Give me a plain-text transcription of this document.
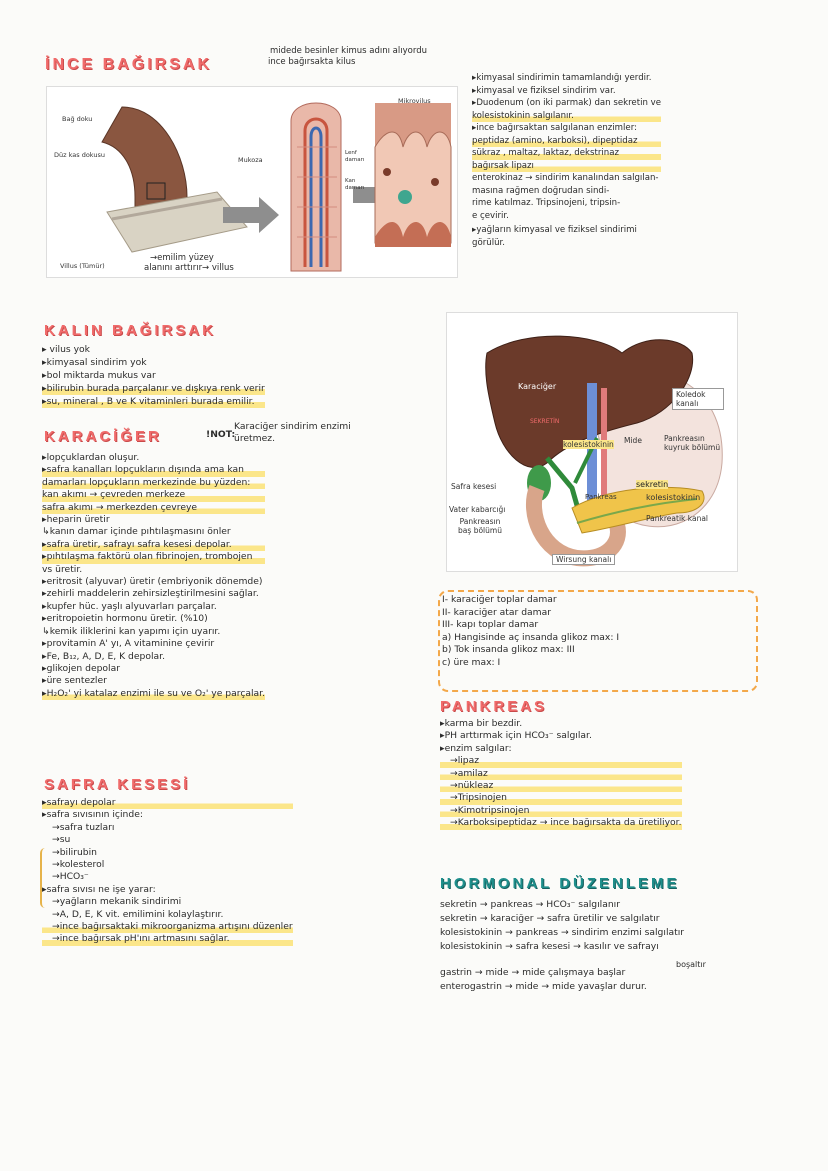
İNCE BAĞIRSAK
midede besinler kimus adını alıyordu
ince bağırsakta kilus
Bağ doku
Düz kas dokusu
Mukoza
Lenf damarı
Kan damarı
Mikrovilus
Villus (Tümür)
→emilim yüzey
alanını arttırır→ villus
▸kimyasal sindirimin tamamlandığı yerdir.
▸kimyasal ve fiziksel sindirim var.
▸Duodenum (on iki parmak) dan sekretin ve
kolesistokinin salgılanır.
▸ince bağırsaktan salgılanan enzimler:
peptidaz (amino, karboksi), dipeptidaz
sükraz , maltaz, laktaz, dekstrinaz
bağırsak lipazı
enterokinaz → sindirim kanalından salgılan-
masına rağmen doğrudan sindi-
rime katılmaz. Tripsinojeni, tripsin-
e çevirir.
▸yağların kimyasal ve fiziksel sindirimi
görülür.
KALIN BAĞIRSAK
▸ vilus yok
▸kimyasal sindirim yok
▸bol miktarda mukus var
▸bilirubin burada parçalanır ve dışkıya renk verir
▸su, mineral , B ve K vitaminleri burada emilir.
KARACİĞER	!NOT:
Karaciğer sindirim enzimi
üretmez.
▸lopçuklardan oluşur.
▸safra kanalları lopçukların dışında ama kan
damarları lopçukların merkezinde bu yüzden:
kan akımı → çevreden merkeze
safra akımı → merkezden çevreye
▸heparin üretir
↳kanın damar içinde pıhtılaşmasını önler
▸safra üretir, safrayı safra kesesi depolar.
▸pıhtılaşma faktörü olan fibrinojen, trombojen
vs üretir.
▸eritrosit (alyuvar) üretir (embriyonik dönemde)
▸zehirli maddelerin zehirsizleştirilmesini sağlar.
▸kupfer hüc. yaşlı alyuvarları parçalar.
▸eritropoietin hormonu üretir. (%10)
↳kemik iliklerini kan yapımı için uyarır.
▸provitamin A' yı, A vitaminine çevirir
▸Fe, B₁₂, A, D, E, K depolar.
▸glikojen depolar
▸üre sentezler
▸H₂O₂' yi katalaz enzimi ile su ve O₂' ye parçalar.
SAFRA KESESİ
▸safrayı depolar
▸safra sıvısının içinde:
→safra tuzları
→su
→bilirubin
→kolesterol
→HCO₃⁻
▸safra sıvısı ne işe yarar:
→yağların mekanik sindirimi
→A, D, E, K vit. emilimini kolaylaştırır.
→ince bağırsaktaki mikroorganizma artışını düzenler
→ince bağırsak pH'ını artmasını sağlar.
Karaciğer
SEKRETİN
Koledok kanalı
kolesistokinin Mide	Pankreasın kuyruk bölümü
Safra kesesi
Pankreas
sekretin
kolesistokinin
Vater kabarcığı
Pankreasın baş bölümü
Pankreatik kanal
Wirsung kanalı
I- karaciğer toplar damar
II- karaciğer atar damar
III- kapı toplar damar
a) Hangisinde aç insanda glikoz max: I
b) Tok insanda glikoz max: III
c) üre max: I
PANKREAS
▸karma bir bezdir.
▸PH arttırmak için HCO₃⁻ salgılar.
▸enzim salgılar:
→lipaz
→amilaz
→nükleaz
→Tripsinojen
→Kimotripsinojen
→Karboksipeptidaz → ince bağırsakta da üretiliyor.
HORMONAL DÜZENLEME
sekretin → pankreas → HCO₃⁻ salgılanır
sekretin → karaciğer → safra üretilir ve salgılatır
kolesistokinin → pankreas → sindirim enzimi salgılatır
kolesistokinin → safra kesesi → kasılır ve safrayı
gastrin → mide → mide çalışmaya başlar
enterogastrin → mide → mide yavaşlar durur.
boşaltır
